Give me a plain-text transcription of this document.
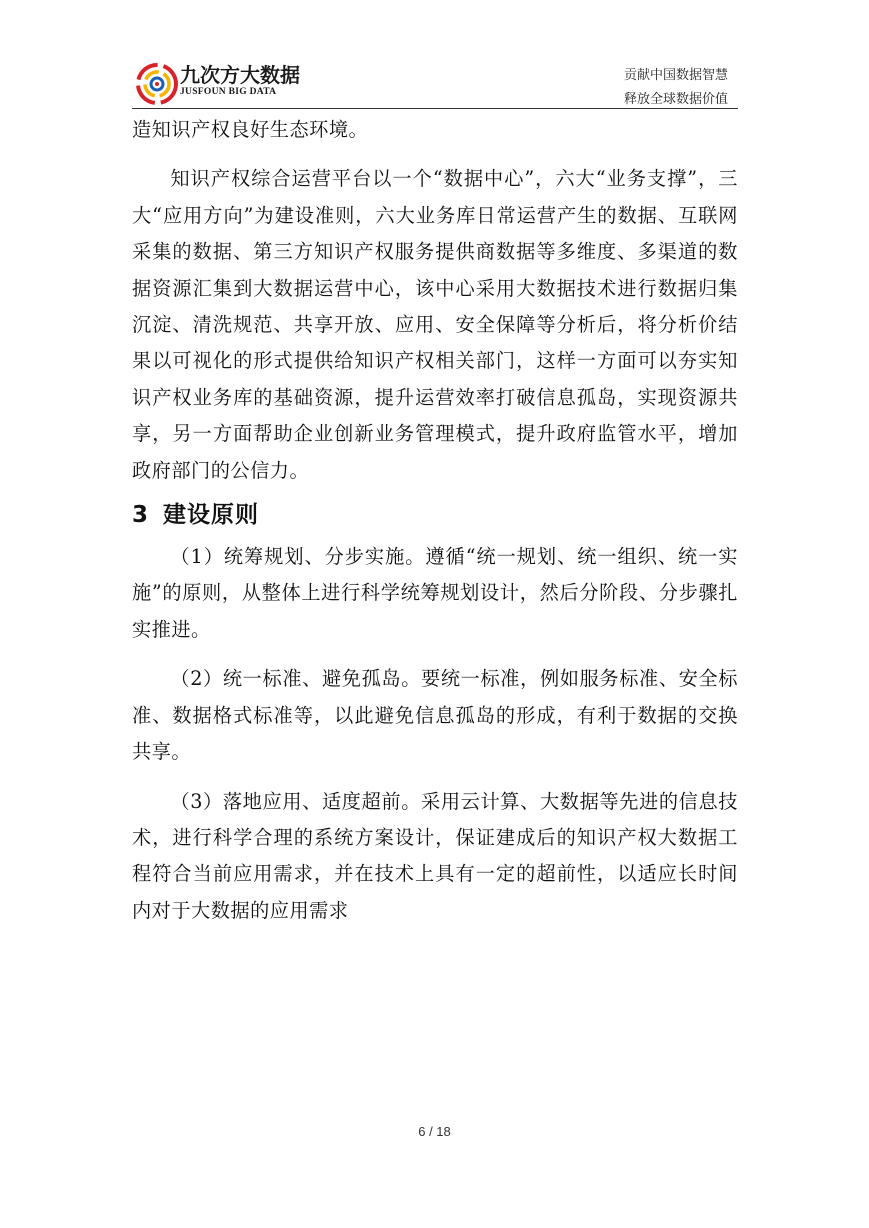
九次方大数据
JUSFOUN BIG DATA
贡献中国数据智慧
释放全球数据价值

造知识产权良好生态环境。

知识产权综合运营平台以一个“数据中心”，六大“业务支撑”，三大“应用方向”为建设准则，六大业务库日常运营产生的数据、互联网采集的数据、第三方知识产权服务提供商数据等多维度、多渠道的数据资源汇集到大数据运营中心，该中心采用大数据技术进行数据归集沉淀、清洗规范、共享开放、应用、安全保障等分析后，将分析价结果以可视化的形式提供给知识产权相关部门，这样一方面可以夯实知识产权业务库的基础资源，提升运营效率打破信息孤岛，实现资源共享，另一方面帮助企业创新业务管理模式，提升政府监管水平，增加政府部门的公信力。

3 建设原则

（1）统筹规划、分步实施。遵循“统一规划、统一组织、统一实施”的原则，从整体上进行科学统筹规划设计，然后分阶段、分步骤扎实推进。

（2）统一标准、避免孤岛。要统一标准，例如服务标准、安全标准、数据格式标准等，以此避免信息孤岛的形成，有利于数据的交换共享。

（3）落地应用、适度超前。采用云计算、大数据等先进的信息技术，进行科学合理的系统方案设计，保证建成后的知识产权大数据工程符合当前应用需求，并在技术上具有一定的超前性，以适应长时间内对于大数据的应用需求

6 / 18
